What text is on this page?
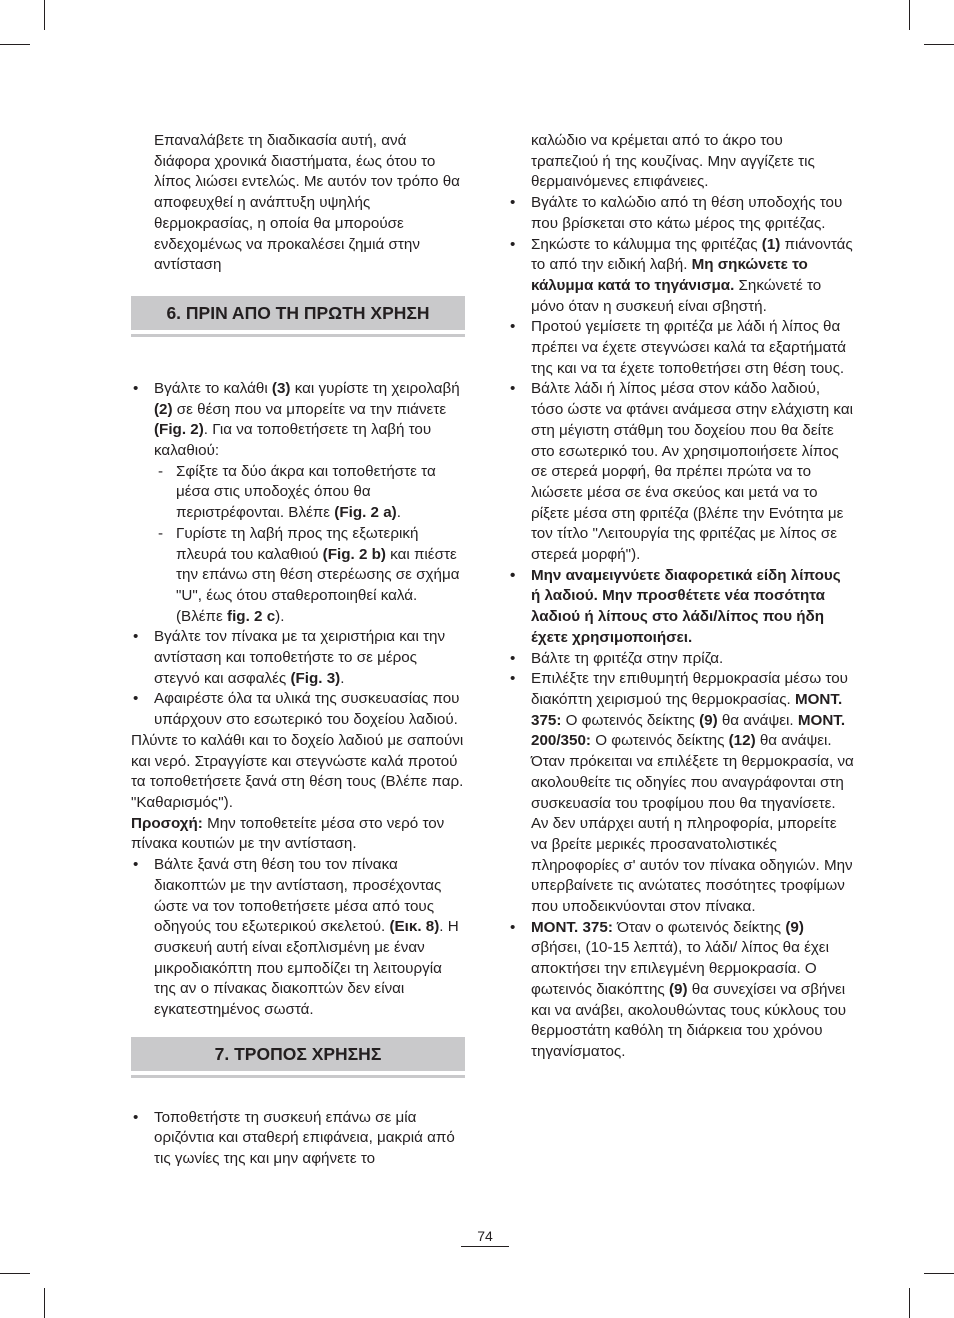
Επαναλάβετε τη διαδικασία αυτή, ανά διάφορα χρονικά διαστήματα, έως ότου το λίπος λιώσει εντελώς. Με αυτόν τον τρόπο θα αποφευχθεί η ανάπτυξη υψηλής θερμοκρασίας, η οποία θα μπορούσε ενδεχομένως να προκαλέσει ζημιά στην αντίσταση

6. ΠΡΙΝ ΑΠΟ ΤΗ ΠΡΩΤΗ ΧΡΗΣΗ

• Βγάλτε το καλάθι (3) και γυρίστε τη χειρολαβή (2) σε θέση που να μπορείτε να την πιάνετε (Fig. 2). Για να τοποθετήσετε τη λαβή του καλαθιού:

- Σφίξτε τα δύο άκρα και τοποθετήστε τα μέσα στις υποδοχές όπου θα περιστρέφονται. Βλέπε (Fig. 2 a).

- Γυρίστε τη λαβή προς της εξωτερική πλευρά του καλαθιού (Fig. 2 b) και πιέστε την επάνω στη θέση στερέωσης σε σχήμα "U", έως ότου σταθεροποιηθεί καλά. (Βλέπε fig. 2 c).

• Βγάλτε τον πίνακα με τα χειριστήρια και την αντίσταση και τοποθετήστε το σε μέρος στεγνό και ασφαλές (Fig. 3).

• Αφαιρέστε όλα τα υλικά της συσκευασίας που υπάρχουν στο εσωτερικό του δοχείου λαδιού.

Πλύντε το καλάθι και το δοχείο λαδιού με σαπούνι και νερό. Στραγγίστε και στεγνώστε καλά προτού τα τοποθετήσετε ξανά στη θέση τους (Βλέπε παρ. "Καθαρισμός").

Προσοχή: Μην τοποθετείτε μέσα στο νερό τον πίνακα κουτιών με την αντίσταση.

• Βάλτε ξανά στη θέση του τον πίνακα διακοπτών με την αντίσταση, προσέχοντας ώστε να τον τοποθετήσετε μέσα από τους οδηγούς του εξωτερικού σκελετού. (Εικ. 8). Η συσκευή αυτή είναι εξοπλισμένη με έναν μικροδιακόπτη που εμποδίζει τη λειτουργία της αν ο πίνακας διακοπτών δεν είναι εγκατεστημένος σωστά.

7. ΤΡΟΠΟΣ ΧΡΗΣΗΣ

• Τοποθετήστε τη συσκευή επάνω σε μία οριζόντια και σταθερή επιφάνεια, μακριά από τις γωνίες της και μην αφήνετε το

καλώδιο να κρέμεται από το άκρο του τραπεζιού ή της κουζίνας. Μην αγγίζετε τις θερμαινόμενες επιφάνειες.

• Βγάλτε το καλώδιο από τη θέση υποδοχής του που βρίσκεται στο κάτω μέρος της φριτέζας.

• Σηκώστε το κάλυμμα της φριτέζας (1) πιάνοντάς το από την ειδική λαβή. Μη σηκώνετε το κάλυμμα κατά το τηγάνισμα. Σηκώνετέ το μόνο όταν η συσκευή είναι σβηστή.

• Προτού γεμίσετε τη φριτέζα με λάδι ή λίπος θα πρέπει να έχετε στεγνώσει καλά τα εξαρτήματά της και να τα έχετε τοποθετήσει στη θέση τους.

• Βάλτε λάδι ή λίπος μέσα στον κάδο λαδιού, τόσο ώστε να φτάνει ανάμεσα στην ελάχιστη και στη μέγιστη στάθμη του δοχείου που θα δείτε στο εσωτερικό του. Αν χρησιμοποιήσετε λίπος σε στερεά μορφή, θα πρέπει πρώτα να το λιώσετε μέσα σε ένα σκεύος και μετά να το ρίξετε μέσα στη φριτέζα (βλέπε την Ενότητα με τον τίτλο "Λειτουργία της φριτέζας με λίπος σε στερεά μορφή").

• Μην αναμειγνύετε διαφορετικά είδη λίπους ή λαδιού. Μην προσθέτετε νέα ποσότητα λαδιού ή λίπους στο λάδι/λίπος που ήδη έχετε χρησιμοποιήσει.

• Βάλτε τη φριτέζα στην πρίζα.

• Επιλέξτε την επιθυμητή θερμοκρασία μέσω του διακόπτη χειρισμού της θερμοκρασίας. ΜΟΝΤ. 375: Ο φωτεινός δείκτης (9) θα ανάψει. ΜΟΝΤ. 200/350: Ο φωτεινός δείκτης (12) θα ανάψει. Όταν πρόκειται να επιλέξετε τη θερμοκρασία, να ακολουθείτε τις οδηγίες που αναγράφονται στη συσκευασία του τροφίμου που θα τηγανίσετε. Αν δεν υπάρχει αυτή η πληροφορία, μπορείτε να βρείτε μερικές προσανατολιστικές πληροφορίες σ' αυτόν τον πίνακα οδηγιών. Μην υπερβαίνετε τις ανώτατες ποσότητες τροφίμων που υποδεικνύονται στον πίνακα.

• ΜΟΝΤ. 375: Όταν ο φωτεινός δείκτης (9) σβήσει, (10-15 λεπτά), το λάδι/ λίπος θα έχει αποκτήσει την επιλεγμένη θερμοκρασία. Ο φωτεινός διακόπτης (9) θα συνεχίσει να σβήνει και να ανάβει, ακολουθώντας τους κύκλους του θερμοστάτη καθόλη τη διάρκεια του χρόνου τηγανίσματος.

74
